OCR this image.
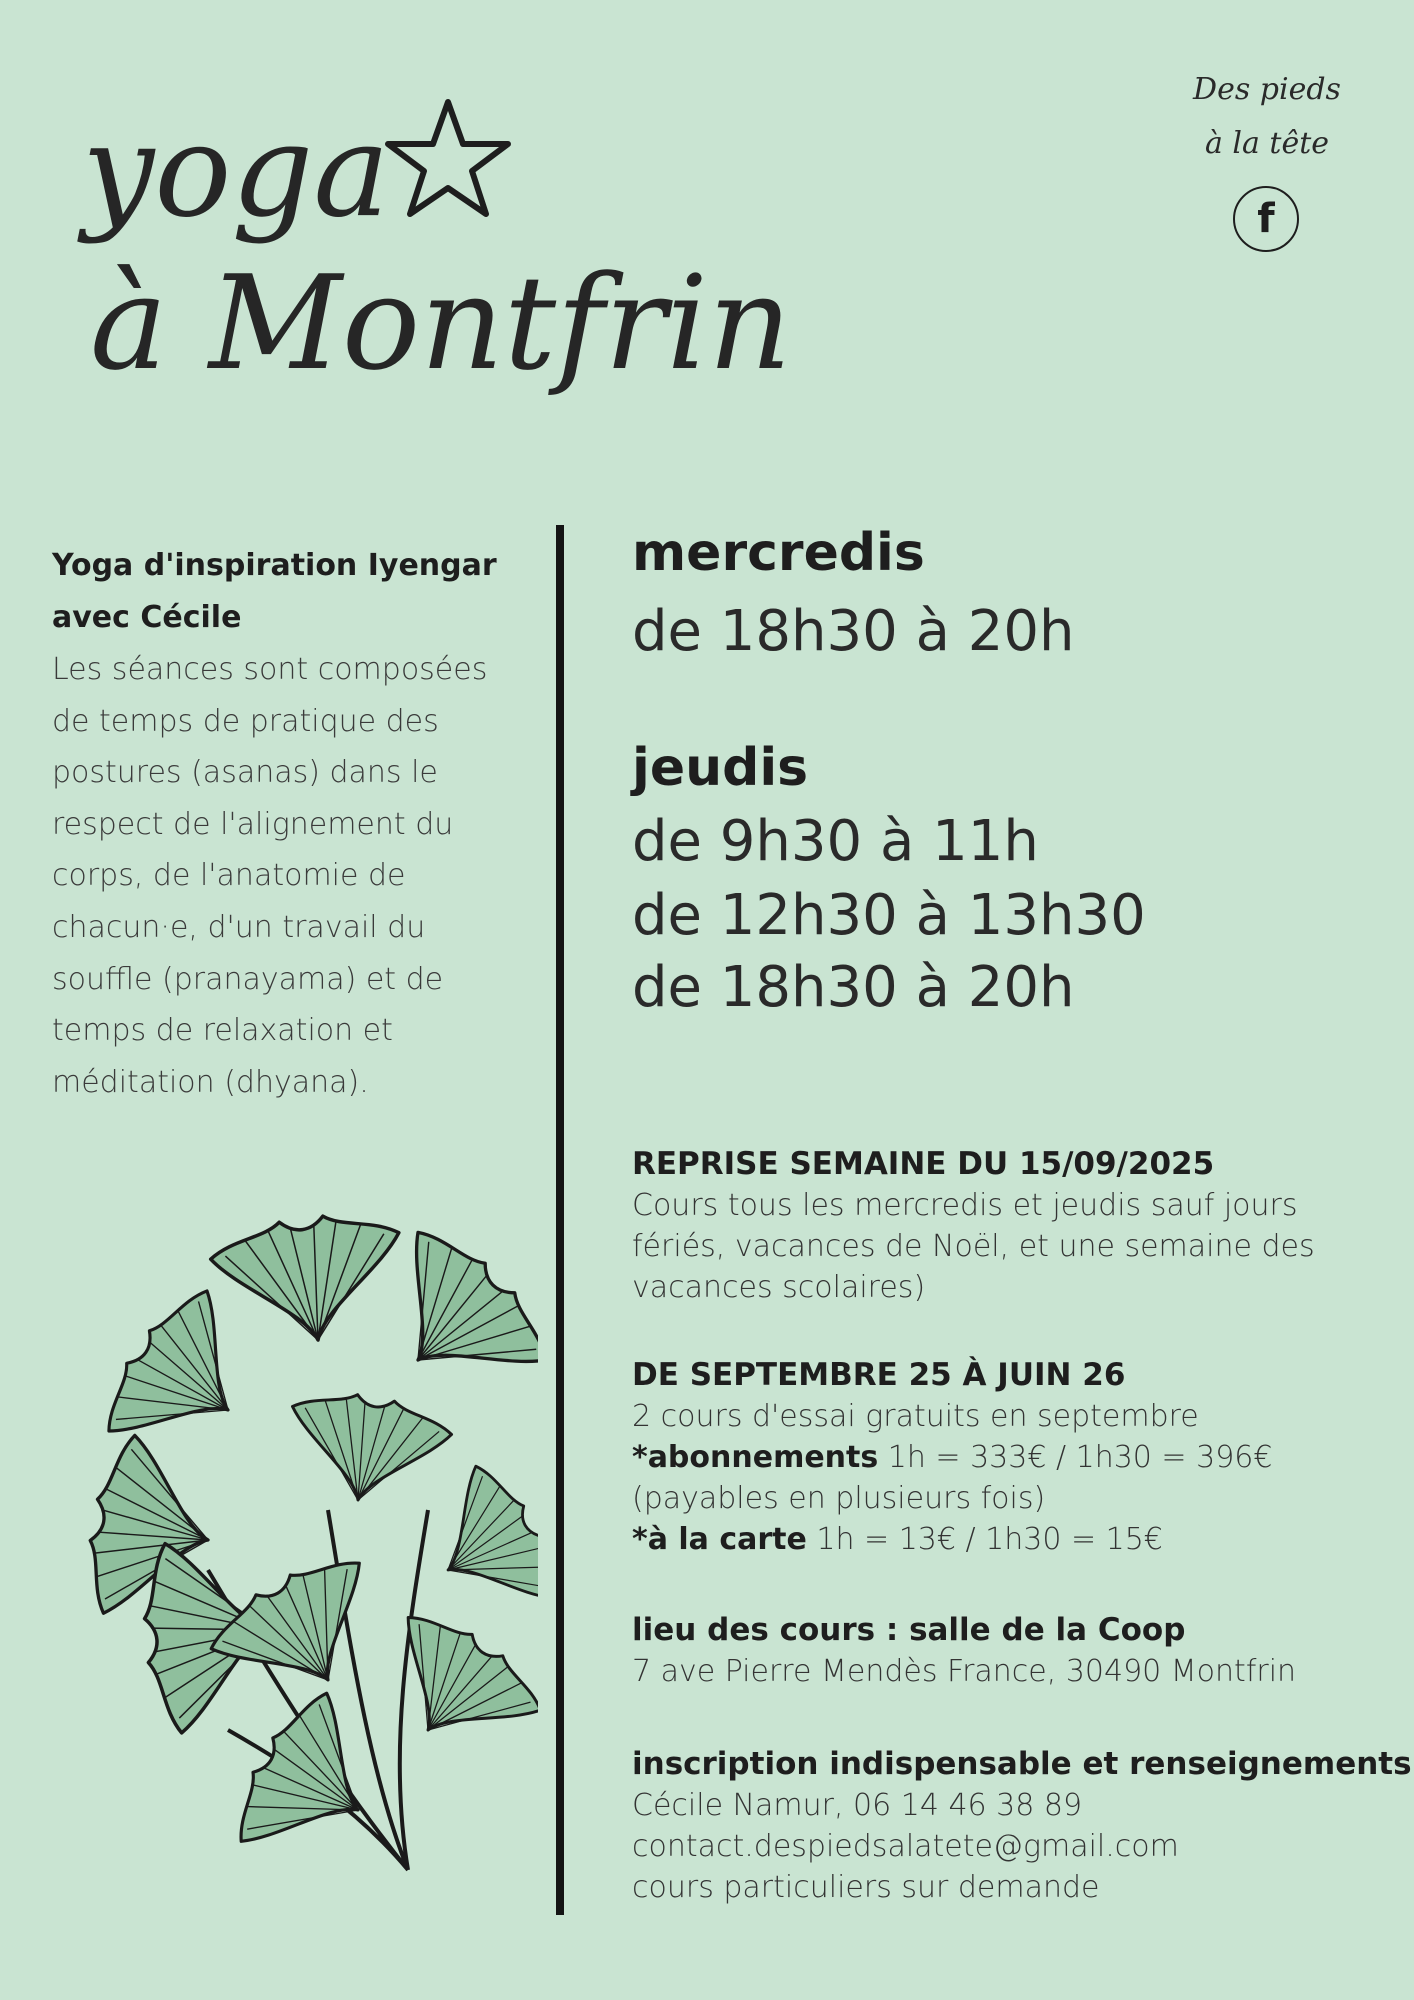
yoga
à Montfrin
Des pieds
à la tête
f
Yoga d'inspiration Iyengar
avec Cécile
Les séances sont composées
de temps de pratique des
postures (asanas) dans le
respect de l'alignement du
corps, de l'anatomie de
chacun·e, d'un travail du
souffle (pranayama) et de
temps de relaxation et
méditation (dhyana).
mercredis
de 18h30 à 20h
jeudis
de 9h30 à 11h
de 12h30 à 13h30
de 18h30 à 20h
REPRISE SEMAINE DU 15/09/2025
Cours tous les mercredis et jeudis sauf jours
fériés, vacances de Noël, et une semaine des
vacances scolaires)
DE SEPTEMBRE 25 À JUIN 26
2 cours d'essai gratuits en septembre
*abonnements 1h = 333€ / 1h30 = 396€
(payables en plusieurs fois)
*à la carte 1h = 13€ / 1h30 = 15€
lieu des cours : salle de la Coop
7 ave Pierre Mendès France, 30490 Montfrin
inscription indispensable et renseignements
Cécile Namur, 06 14 46 38 89
contact.despiedsalatete@gmail.com
cours particuliers sur demande
